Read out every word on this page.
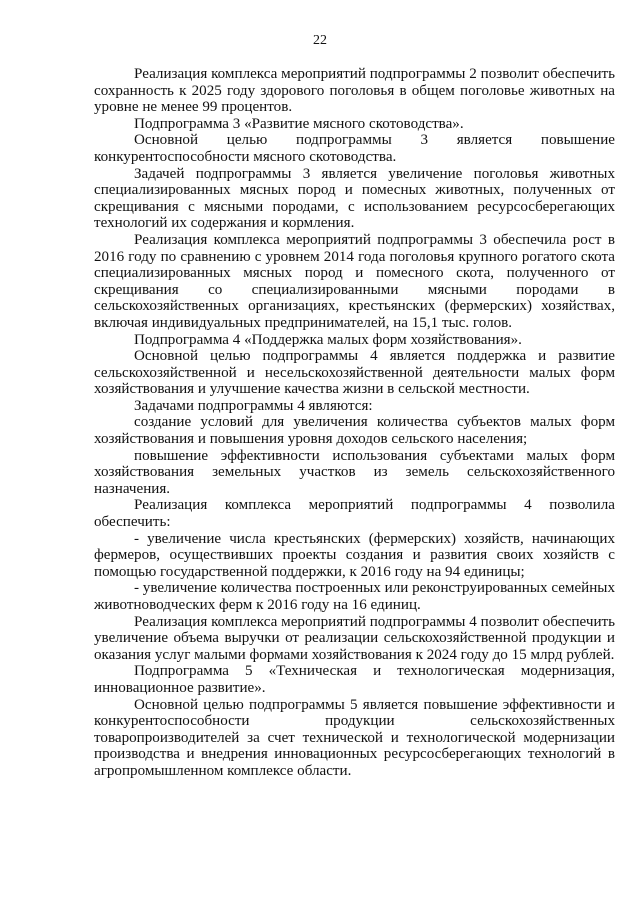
22

Реализация комплекса мероприятий подпрограммы 2 позволит обеспечить сохранность к 2025 году здорового поголовья в общем поголовье животных на уровне не менее 99 процентов.

Подпрограмма 3 «Развитие мясного скотоводства».

Основной целью подпрограммы 3 является повышение конкурентоспособности мясного скотоводства.

Задачей подпрограммы 3 является увеличение поголовья животных специализированных мясных пород и помесных животных, полученных от скрещивания с мясными породами, с использованием ресурсосберегающих технологий их содержания и кормления.

Реализация комплекса мероприятий подпрограммы 3 обеспечила рост в 2016 году по сравнению с уровнем 2014 года поголовья крупного рогатого скота специализированных мясных пород и помесного скота, полученного от скрещивания со специализированными мясными породами в сельскохозяйственных организациях, крестьянских (фермерских) хозяйствах, включая индивидуальных предпринимателей, на 15,1 тыс. голов.

Подпрограмма 4 «Поддержка малых форм хозяйствования».

Основной целью подпрограммы 4 является поддержка и развитие сельскохозяйственной и несельскохозяйственной деятельности малых форм хозяйствования и улучшение качества жизни в сельской местности.

Задачами подпрограммы 4 являются:

создание условий для увеличения количества субъектов малых форм хозяйствования и повышения уровня доходов сельского населения;

повышение эффективности использования субъектами малых форм хозяйствования земельных участков из земель сельскохозяйственного назначения.

Реализация комплекса мероприятий подпрограммы 4 позволила обеспечить:

- увеличение числа крестьянских (фермерских) хозяйств, начинающих фермеров, осуществивших проекты создания и развития своих хозяйств с помощью государственной поддержки, к 2016 году на 94 единицы;

- увеличение количества построенных или реконструированных семейных животноводческих ферм к 2016 году на 16 единиц.

Реализация комплекса мероприятий подпрограммы 4 позволит обеспечить увеличение объема выручки от реализации сельскохозяйственной продукции и оказания услуг малыми формами хозяйствования к 2024 году до 15 млрд рублей.

Подпрограмма 5 «Техническая и технологическая модернизация, инновационное развитие».

Основной целью подпрограммы 5 является повышение эффективности и конкурентоспособности продукции сельскохозяйственных товаропроизводителей за счет технической и технологической модернизации производства и внедрения инновационных ресурсосберегающих технологий в агропромышленном комплексе области.
